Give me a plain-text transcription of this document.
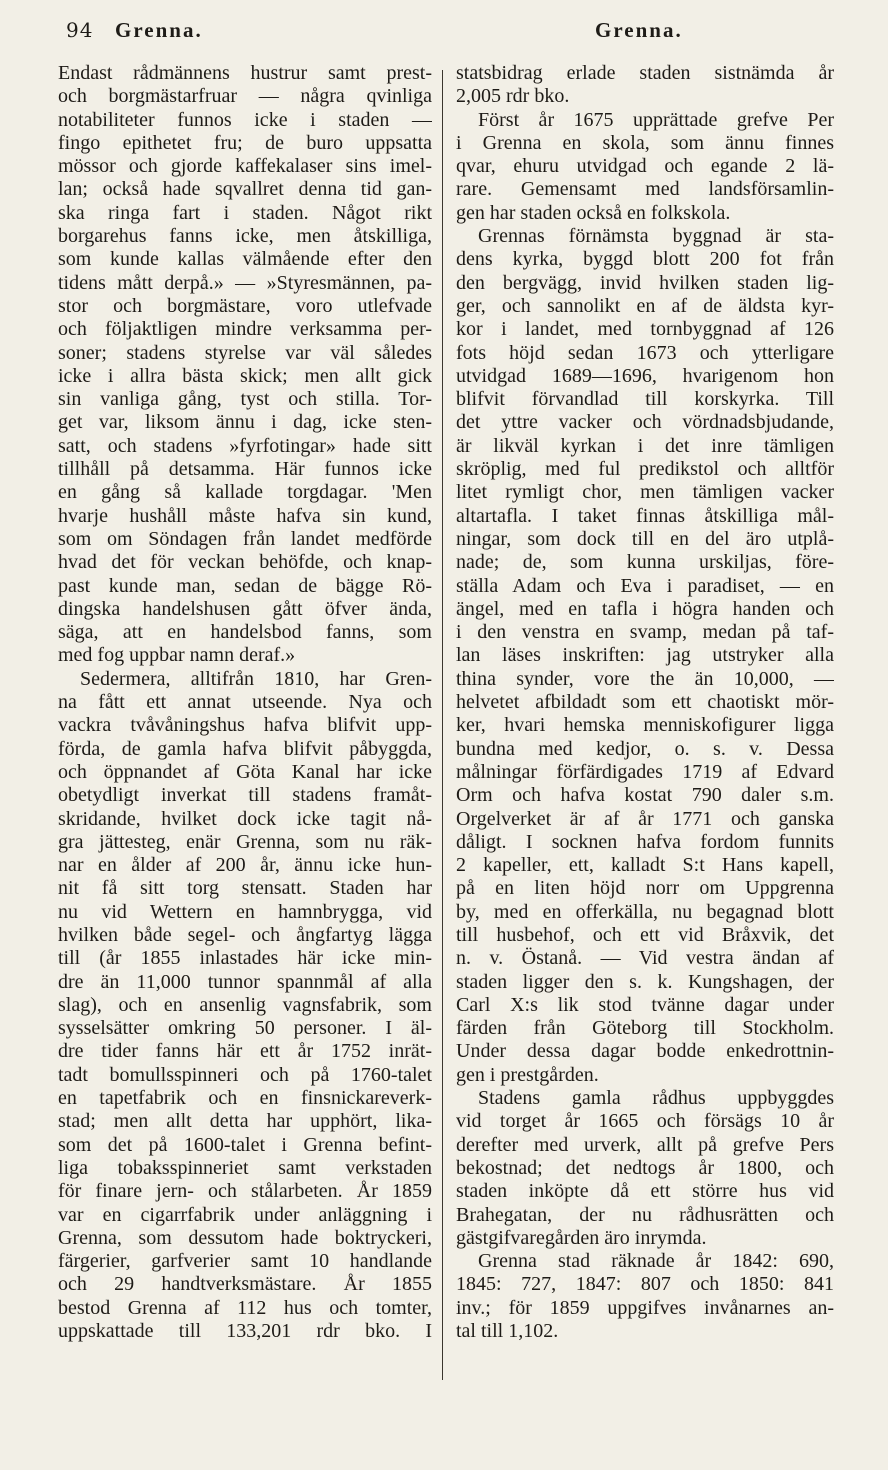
94 Grenna.	Grenna.
Endast rådmännens hustrur samt prest-
och borgmästarfruar — några qvinliga
notabiliteter funnos icke i staden —
fingo epithetet fru; de buro uppsatta
mössor och gjorde kaffekalaser sins imel-
lan; också hade sqvallret denna tid gan-
ska ringa fart i staden. Något rikt
borgarehus fanns icke, men åtskilliga,
som kunde kallas välmående efter den
tidens mått derpå.» — »Styresmännen, pa-
stor och borgmästare, voro utlefvade
och följaktligen mindre verksamma per-
soner; stadens styrelse var väl således
icke i allra bästa skick; men allt gick
sin vanliga gång, tyst och stilla. Tor-
get var, liksom ännu i dag, icke sten-
satt, och stadens »fyrfotingar» hade sitt
tillhåll på detsamma. Här funnos icke
en gång så kallade torgdagar. 'Men
hvarje hushåll måste hafva sin kund,
som om Söndagen från landet medförde
hvad det för veckan behöfde, och knap-
past kunde man, sedan de bägge Rö-
dingska handelshusen gått öfver ända,
säga, att en handelsbod fanns, som
med fog uppbar namn deraf.»
Sedermera, alltifrån 1810, har Gren-
na fått ett annat utseende. Nya och
vackra tvåvåningshus hafva blifvit upp-
förda, de gamla hafva blifvit påbyggda,
och öppnandet af Göta Kanal har icke
obetydligt inverkat till stadens framåt-
skridande, hvilket dock icke tagit nå-
gra jättesteg, enär Grenna, som nu räk-
nar en ålder af 200 år, ännu icke hun-
nit få sitt torg stensatt. Staden har
nu vid Wettern en hamnbrygga, vid
hvilken både segel- och ångfartyg lägga
till (år 1855 inlastades här icke min-
dre än 11,000 tunnor spannmål af alla
slag), och en ansenlig vagnsfabrik, som
sysselsätter omkring 50 personer. I äl-
dre tider fanns här ett år 1752 inrät-
tadt bomullsspinneri och på 1760-talet
en tapetfabrik och en finsnickareverk-
stad; men allt detta har upphört, lika-
som det på 1600-talet i Grenna befint-
liga tobaksspinneriet samt verkstaden
för finare jern- och stålarbeten. År 1859
var en cigarrfabrik under anläggning i
Grenna, som dessutom hade boktryckeri,
färgerier, garfverier samt 10 handlande
och 29 handtverksmästare. År 1855
bestod Grenna af 112 hus och tomter,
uppskattade till 133,201 rdr bko. I
statsbidrag erlade staden sistnämda år
2,005 rdr bko.
Först år 1675 upprättade grefve Per
i Grenna en skola, som ännu finnes
qvar, ehuru utvidgad och egande 2 lä-
rare. Gemensamt med landsförsamlin-
gen har staden också en folkskola.
Grennas förnämsta byggnad är sta-
dens kyrka, byggd blott 200 fot från
den bergvägg, invid hvilken staden lig-
ger, och sannolikt en af de äldsta kyr-
kor i landet, med tornbyggnad af 126
fots höjd sedan 1673 och ytterligare
utvidgad 1689—1696, hvarigenom hon
blifvit förvandlad till korskyrka. Till
det yttre vacker och vördnadsbjudande,
är likväl kyrkan i det inre tämligen
skröplig, med ful predikstol och alltför
litet rymligt chor, men tämligen vacker
altartafla. I taket finnas åtskilliga mål-
ningar, som dock till en del äro utplå-
nade; de, som kunna urskiljas, före-
ställa Adam och Eva i paradiset, — en
ängel, med en tafla i högra handen och
i den venstra en svamp, medan på taf-
lan läses inskriften: jag utstryker alla
thina synder, vore the än 10,000, —
helvetet afbildadt som ett chaotiskt mör-
ker, hvari hemska menniskofigurer ligga
bundna med kedjor, o. s. v. Dessa
målningar förfärdigades 1719 af Edvard
Orm och hafva kostat 790 daler s.m.
Orgelverket är af år 1771 och ganska
dåligt. I socknen hafva fordom funnits
2 kapeller, ett, kalladt S:t Hans kapell,
på en liten höjd norr om Uppgrenna
by, med en offerkälla, nu begagnad blott
till husbehof, och ett vid Bråxvik, det
n. v. Östanå. — Vid vestra ändan af
staden ligger den s. k. Kungshagen, der
Carl X:s lik stod tvänne dagar under
färden från Göteborg till Stockholm.
Under dessa dagar bodde enkedrottnin-
gen i prestgården.
Stadens gamla rådhus uppbyggdes
vid torget år 1665 och försägs 10 år
derefter med urverk, allt på grefve Pers
bekostnad; det nedtogs år 1800, och
staden inköpte då ett större hus vid
Brahegatan, der nu rådhusrätten och
gästgifvaregården äro inrymda.
Grenna stad räknade år 1842: 690,
1845: 727, 1847: 807 och 1850: 841
inv.; för 1859 uppgifves invånarnes an-
tal till 1,102.
